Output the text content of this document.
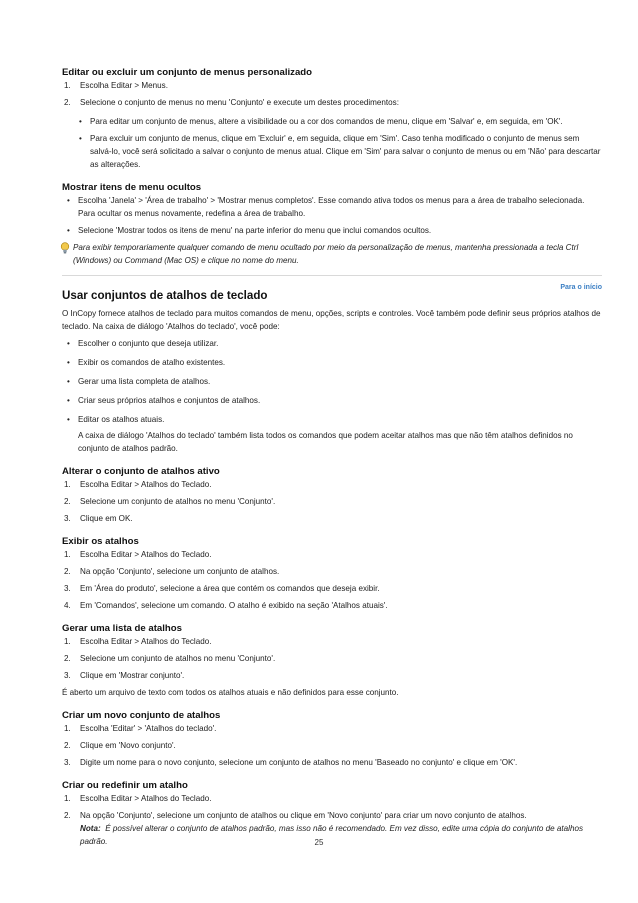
Editar ou excluir um conjunto de menus personalizado
1. Escolha Editar > Menus.
2. Selecione o conjunto de menus no menu 'Conjunto' e execute um destes procedimentos:
• Para editar um conjunto de menus, altere a visibilidade ou a cor dos comandos de menu, clique em 'Salvar' e, em seguida, em 'OK'.
• Para excluir um conjunto de menus, clique em 'Excluir' e, em seguida, clique em 'Sim'. Caso tenha modificado o conjunto de menus sem salvá-lo, você será solicitado a salvar o conjunto de menus atual. Clique em 'Sim' para salvar o conjunto de menus ou em 'Não' para descartar as alterações.
Mostrar itens de menu ocultos
• Escolha 'Janela' > 'Área de trabalho' > 'Mostrar menus completos'. Esse comando ativa todos os menus para a área de trabalho selecionada. Para ocultar os menus novamente, redefina a área de trabalho.
• Selecione 'Mostrar todos os itens de menu' na parte inferior do menu que inclui comandos ocultos.
Para exibir temporariamente qualquer comando de menu ocultado por meio da personalização de menus, mantenha pressionada a tecla Ctrl (Windows) ou Command (Mac OS) e clique no nome do menu.
Para o início
Usar conjuntos de atalhos de teclado

O InCopy fornece atalhos de teclado para muitos comandos de menu, opções, scripts e controles. Você também pode definir seus próprios atalhos de teclado. Na caixa de diálogo 'Atalhos do teclado', você pode:

• Escolher o conjunto que deseja utilizar.
• Exibir os comandos de atalho existentes.
• Gerar uma lista completa de atalhos.
• Criar seus próprios atalhos e conjuntos de atalhos.
• Editar os atalhos atuais.

A caixa de diálogo 'Atalhos do teclado' também lista todos os comandos que podem aceitar atalhos mas que não têm atalhos definidos no conjunto de atalhos padrão.

Alterar o conjunto de atalhos ativo
1. Escolha Editar > Atalhos do Teclado.
2. Selecione um conjunto de atalhos no menu 'Conjunto'.
3. Clique em OK.
Exibir os atalhos
1. Escolha Editar > Atalhos do Teclado.
2. Na opção 'Conjunto', selecione um conjunto de atalhos.
3. Em 'Área do produto', selecione a área que contém os comandos que deseja exibir.
4. Em 'Comandos', selecione um comando. O atalho é exibido na seção 'Atalhos atuais'.
Gerar uma lista de atalhos
1. Escolha Editar > Atalhos do Teclado.
2. Selecione um conjunto de atalhos no menu 'Conjunto'.
3. Clique em 'Mostrar conjunto'.

É aberto um arquivo de texto com todos os atalhos atuais e não definidos para esse conjunto.

Criar um novo conjunto de atalhos
1. Escolha 'Editar' > 'Atalhos do teclado'.
2. Clique em 'Novo conjunto'.
3. Digite um nome para o novo conjunto, selecione um conjunto de atalhos no menu 'Baseado no conjunto' e clique em 'OK'.
Criar ou redefinir um atalho
1. Escolha Editar > Atalhos do Teclado.
2. Na opção 'Conjunto', selecione um conjunto de atalhos ou clique em 'Novo conjunto' para criar um novo conjunto de atalhos.
Nota: É possível alterar o conjunto de atalhos padrão, mas isso não é recomendado. Em vez disso, edite uma cópia do conjunto de atalhos padrão.	25
